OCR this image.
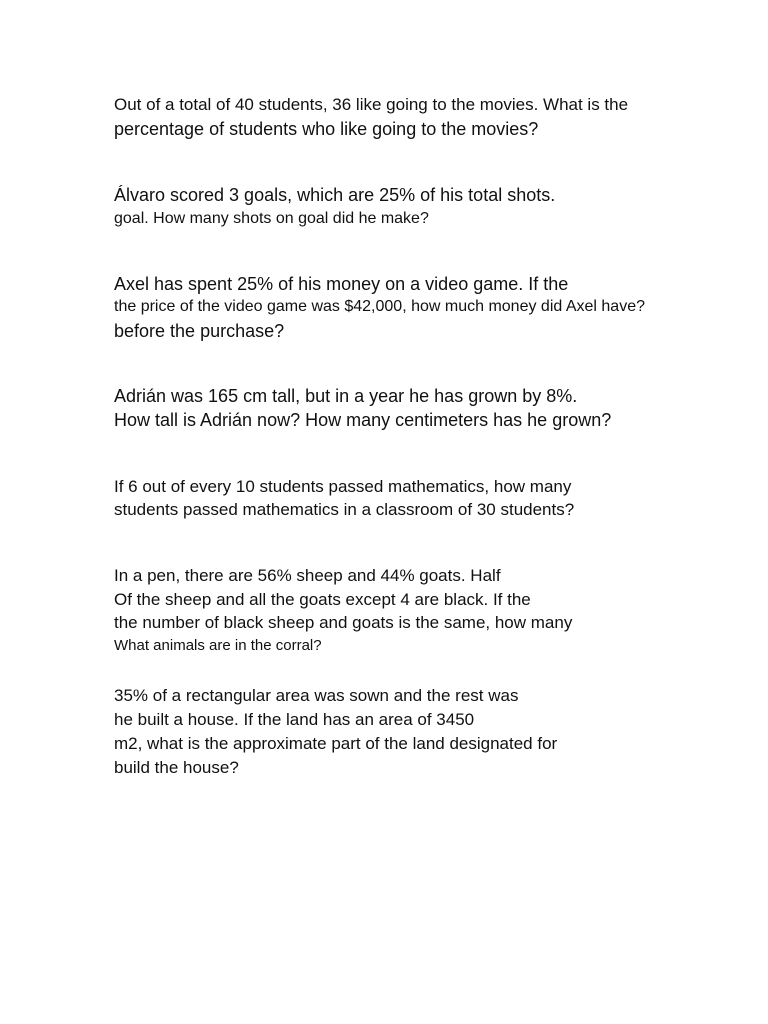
Out of a total of 40 students, 36 like going to the movies. What is the
percentage of students who like going to the movies?
Álvaro scored 3 goals, which are 25% of his total shots.
goal. How many shots on goal did he make?
Axel has spent 25% of his money on a video game. If the
the price of the video game was $42,000, how much money did Axel have?
before the purchase?
Adrián was 165 cm tall, but in a year he has grown by 8%.
How tall is Adrián now? How many centimeters has he grown?
If 6 out of every 10 students passed mathematics, how many
students passed mathematics in a classroom of 30 students?
In a pen, there are 56% sheep and 44% goats. Half
Of the sheep and all the goats except 4 are black. If the
the number of black sheep and goats is the same, how many
What animals are in the corral?
35% of a rectangular area was sown and the rest was
he built a house. If the land has an area of 3450
m2, what is the approximate part of the land designated for
build the house?
